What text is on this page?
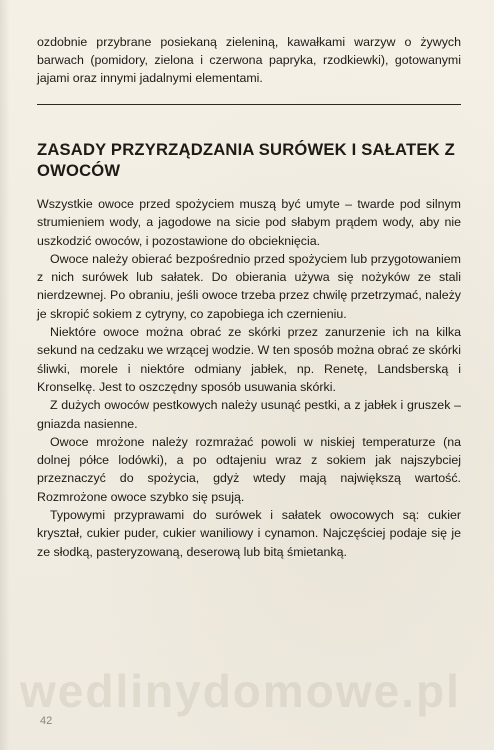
ozdobnie przybrane posiekaną zieleniną, kawałkami warzyw o żywych barwach (pomidory, zielona i czerwona papryka, rzodkiewki), gotowanymi jajami oraz innymi jadalnymi elementami.

ZASADY PRZYRZĄDZANIA SURÓWEK I SAŁATEK Z OWOCÓW

Wszystkie owoce przed spożyciem muszą być umyte – twarde pod silnym strumieniem wody, a jagodowe na sicie pod słabym prądem wody, aby nie uszkodzić owoców, i pozostawione do obcieknięcia.

Owoce należy obierać bezpośrednio przed spożyciem lub przygotowaniem z nich surówek lub sałatek. Do obierania używa się nożyków ze stali nierdzewnej. Po obraniu, jeśli owoce trzeba przez chwilę przetrzymać, należy je skropić sokiem z cytryny, co zapobiega ich czernieniu.

Niektóre owoce można obrać ze skórki przez zanurzenie ich na kilka sekund na cedzaku we wrzącej wodzie. W ten sposób można obrać ze skórki śliwki, morele i niektóre odmiany jabłek, np. Renetę, Landsberską i Kronselkę. Jest to oszczędny sposób usuwania skórki.

Z dużych owoców pestkowych należy usunąć pestki, a z jabłek i gruszek – gniazda nasienne.

Owoce mrożone należy rozmrażać powoli w niskiej temperaturze (na dolnej półce lodówki), a po odtajeniu wraz z sokiem jak najszybciej przeznaczyć do spożycia, gdyż wtedy mają największą wartość. Rozmrożone owoce szybko się psują.

Typowymi przyprawami do surówek i sałatek owocowych są: cukier kryształ, cukier puder, cukier waniliowy i cynamon. Najczęściej podaje się je ze słodką, pasteryzowaną, deserową lub bitą śmietanką.

wedlinydomowe.pl
42
